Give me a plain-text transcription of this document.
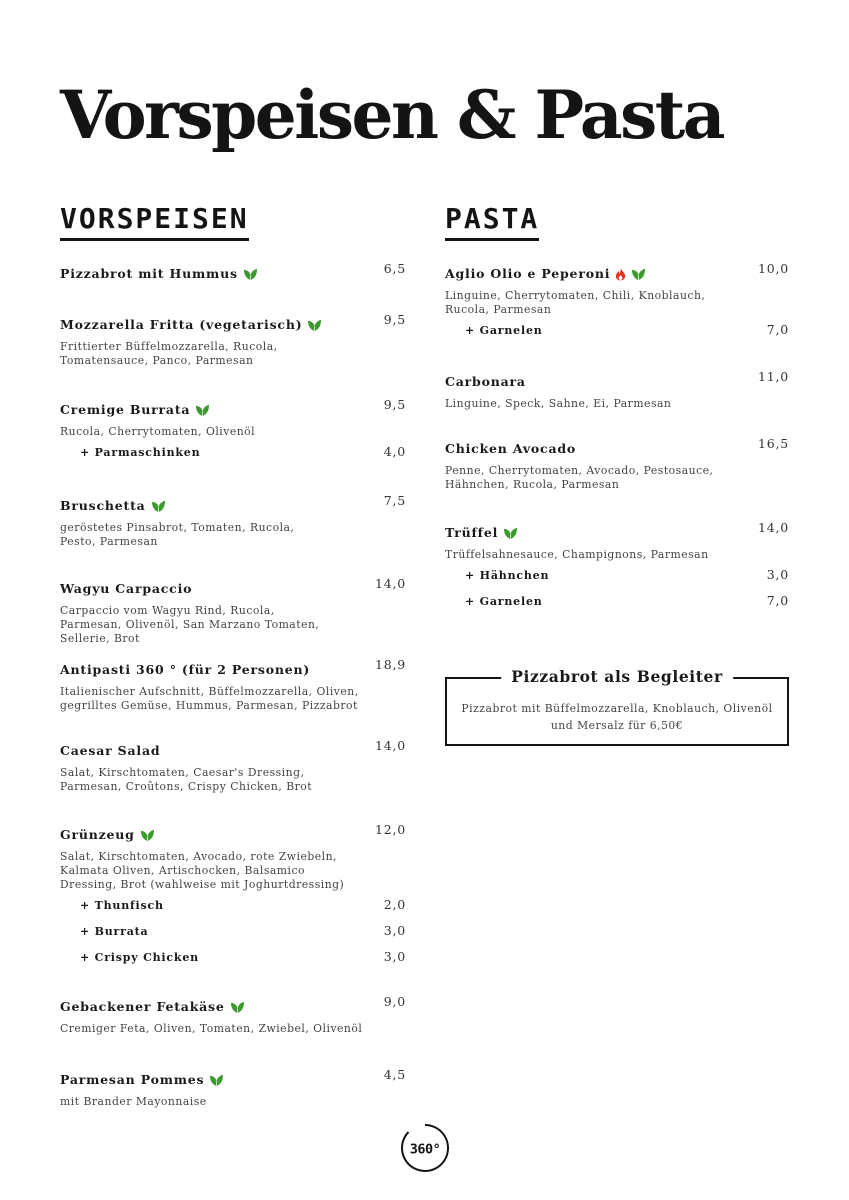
Vorspeisen & Pasta
VORSPEISEN
Pizzabrot mit Hummus	6,5
Mozzarella Fritta (vegetarisch)	9,5
Frittierter Büffelmozzarella, Rucola, Tomatensauce, Panco, Parmesan
Cremige Burrata	9,5
Rucola, Cherrytomaten, Olivenöl
+ Parmaschinken	4,0
Bruschetta	7,5
geröstetes Pinsabrot, Tomaten, Rucola, Pesto, Parmesan
Wagyu Carpaccio	14,0
Carpaccio vom Wagyu Rind, Rucola, Parmesan, Olivenöl, San Marzano Tomaten, Sellerie, Brot
Antipasti 360 ° (für 2 Personen)	18,9
Italienischer Aufschnitt, Büffelmozzarella, Oliven, gegrilltes Gemüse, Hummus, Parmesan, Pizzabrot
Caesar Salad	14,0
Salat, Kirschtomaten, Caesar's Dressing, Parmesan, Croûtons, Crispy Chicken, Brot
Grünzeug	12,0
Salat, Kirschtomaten, Avocado, rote Zwiebeln, Kalmata Oliven, Artischocken, Balsamico Dressing, Brot (wahlweise mit Joghurtdressing)
+ Thunfisch	2,0
+ Burrata	3,0
+ Crispy Chicken	3,0
Gebackener Fetakäse	9,0
Cremiger Feta, Oliven, Tomaten, Zwiebel, Olivenöl
Parmesan Pommes	4,5
mit Brander Mayonnaise
PASTA
Aglio Olio e Peperoni	10,0
Linguine, Cherrytomaten, Chili, Knoblauch, Rucola, Parmesan
+ Garnelen	7,0
Carbonara	11,0
Linguine, Speck, Sahne, Ei, Parmesan
Chicken Avocado	16,5
Penne, Cherrytomaten, Avocado, Pestosauce, Hähnchen, Rucola, Parmesan
Trüffel	14,0
Trüffelsahnesauce, Champignons, Parmesan
+ Hähnchen	3,0
+ Garnelen	7,0
Pizzabrot als Begleiter
Pizzabrot mit Büffelmozzarella, Knoblauch, Olivenöl
und Mersalz für 6,50€
360°
